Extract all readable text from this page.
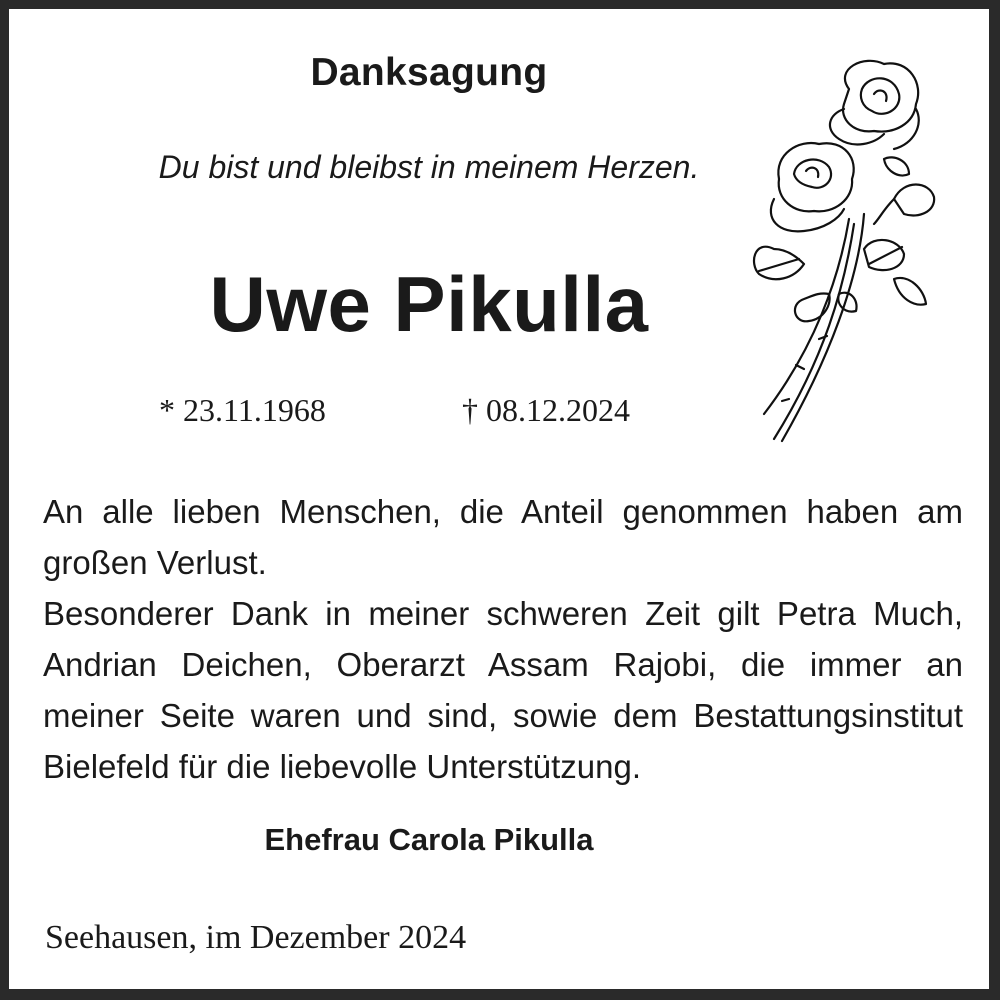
Danksagung
Du bist und bleibst in meinem Herzen.
Uwe Pikulla
* 23.11.1968	† 08.12.2024

An alle lieben Menschen, die Anteil genommen haben am großen Verlust.

Besonderer Dank in meiner schweren Zeit gilt Petra Much, Andrian Deichen, Oberarzt Assam Rajobi, die immer an meiner Seite waren und sind, sowie dem Bestattungsinstitut Bielefeld für die liebevolle Unterstützung.

Ehefrau Carola Pikulla
Seehausen, im Dezember 2024
